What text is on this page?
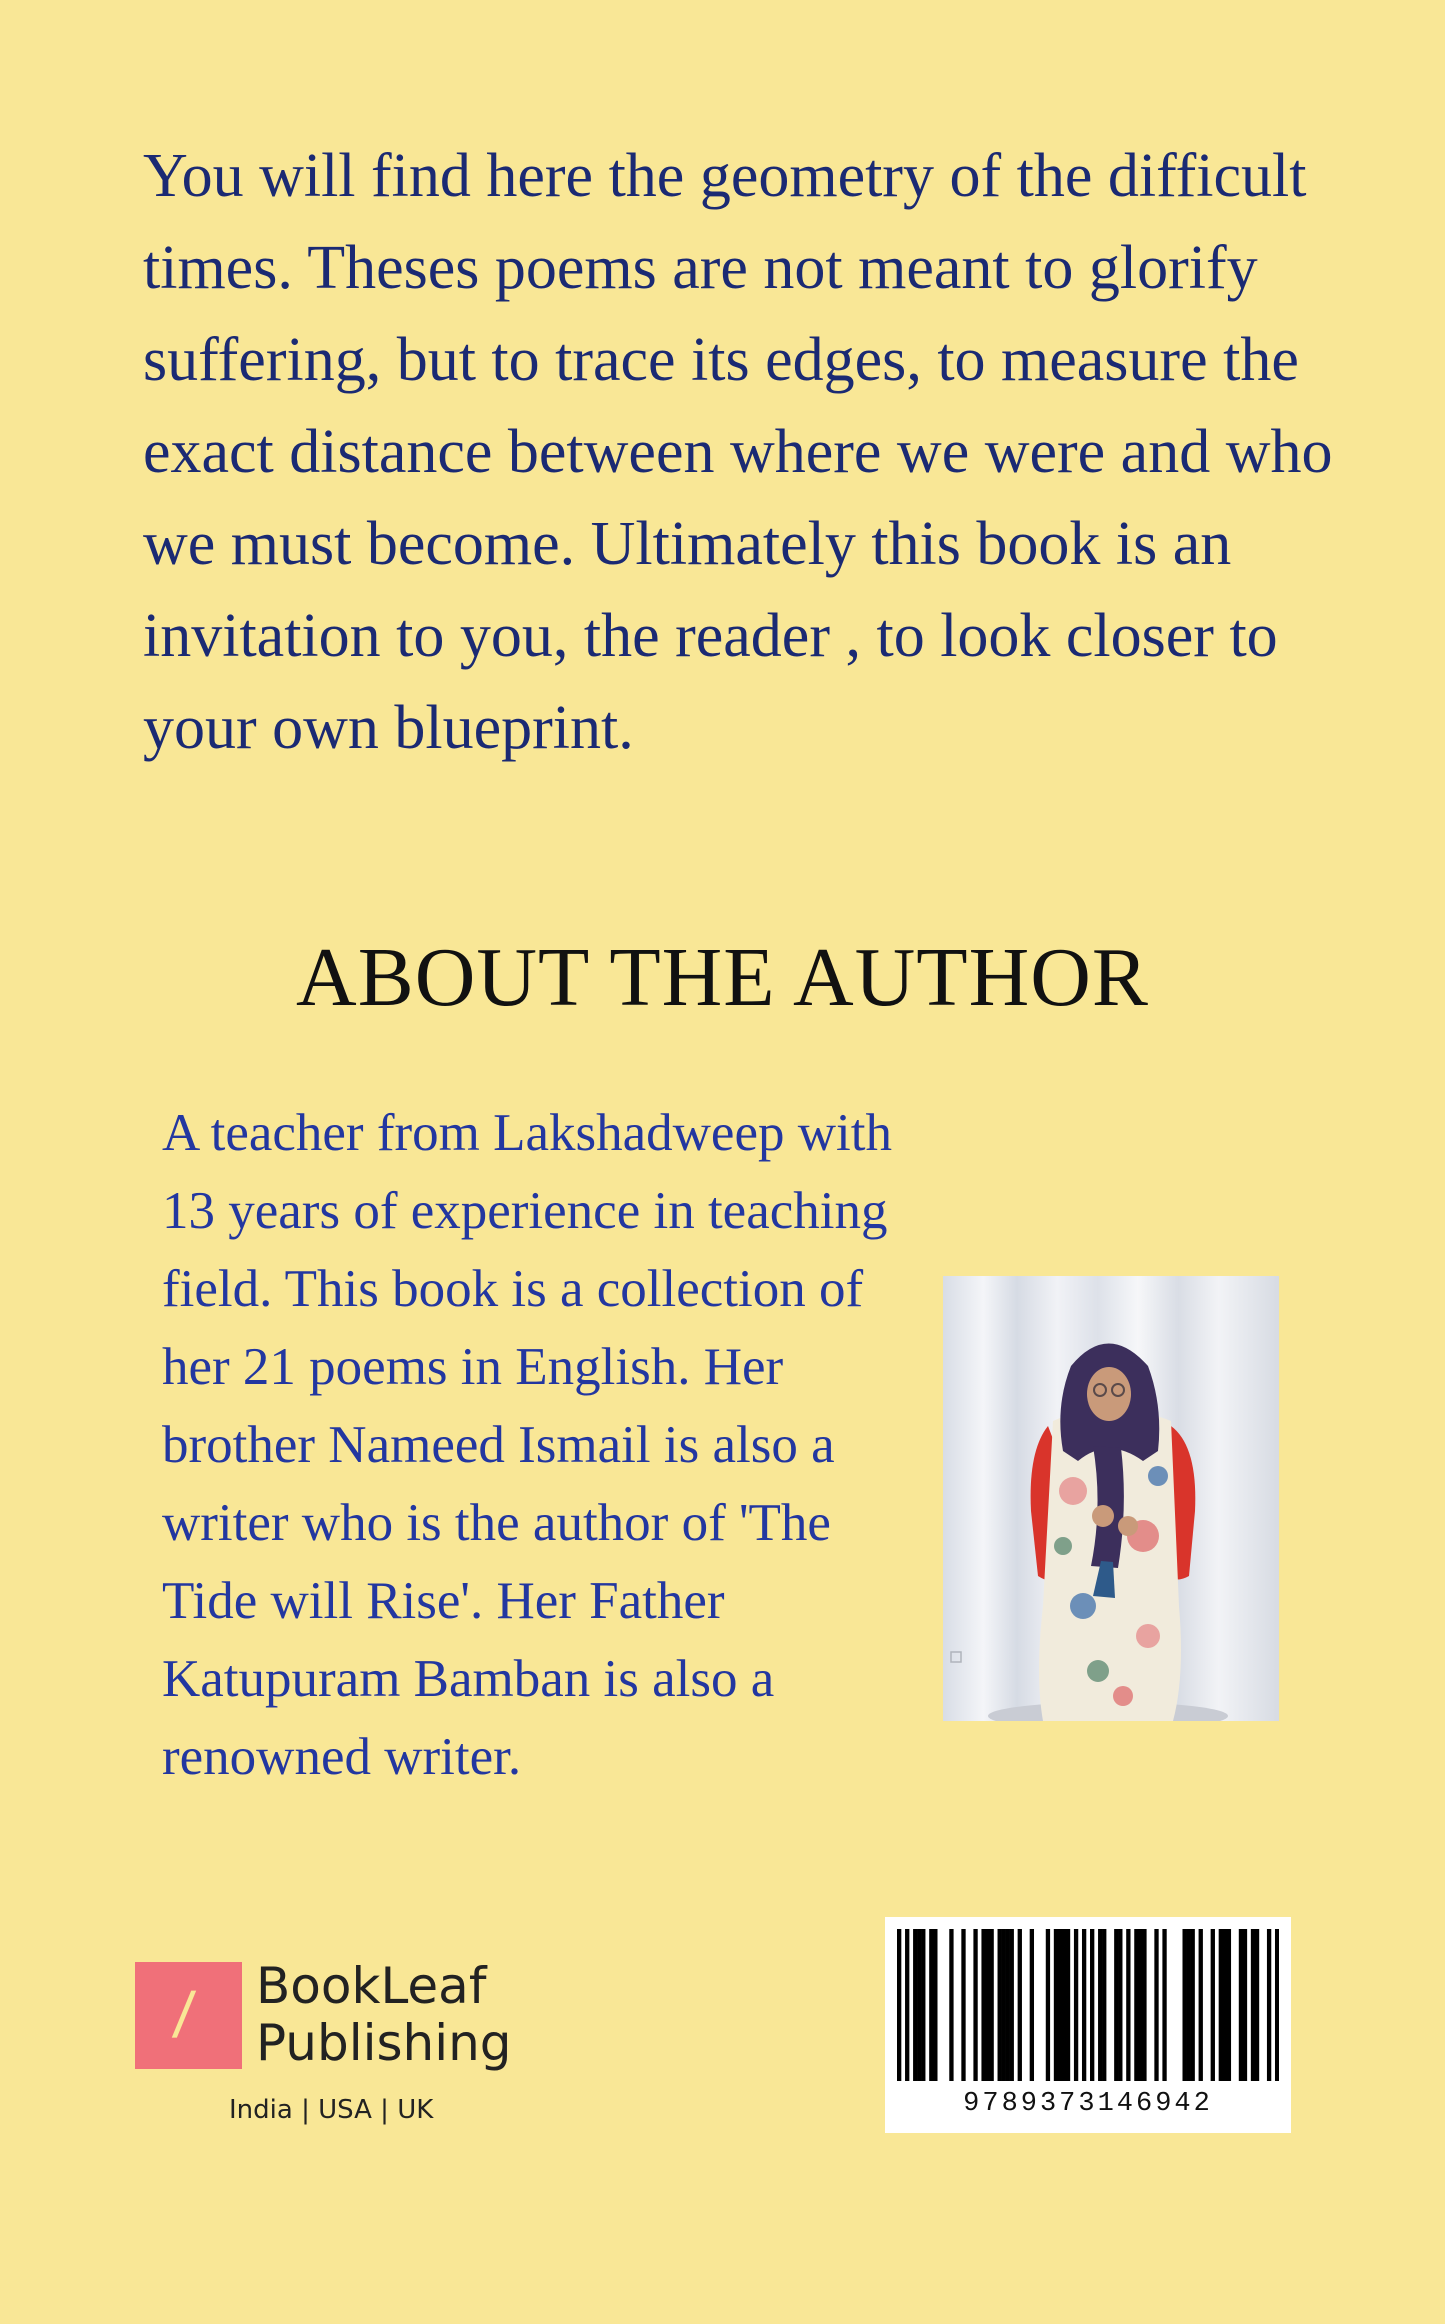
You will find here the geometry of the difficult times. Theses poems are not meant to glorify suffering, but to trace its edges, to measure the exact distance between where we were and who we must become. Ultimately this book is an invitation to you, the reader , to look closer to your own blueprint.

ABOUT THE AUTHOR

A teacher from Lakshadweep with 13 years of experience in teaching field. This book is a collection of her 21 poems in English. Her brother Nameed Ismail is also a writer who is the author of 'The Tide will Rise'. Her Father Katupuram Bamban is also a renowned writer.

/ BookLeaf
Publishing
India | USA | UK	9789373146942
